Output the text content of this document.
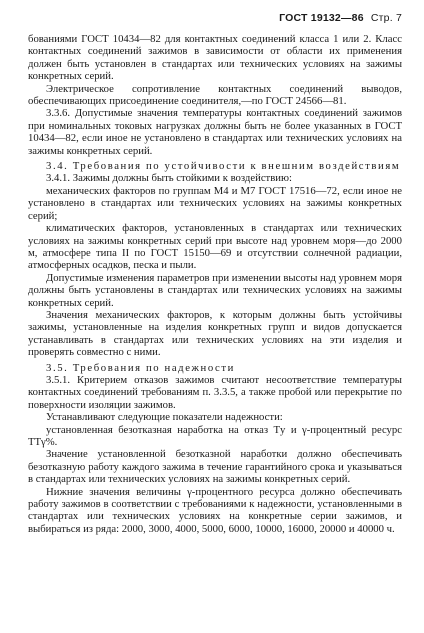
ГОСТ 19132—86 Стр. 7

бованиями ГОСТ 10434—82 для контактных соединений класса 1 или 2. Класс контактных соединений зажимов в зависимости от области их применения должен быть установлен в стандартах или технических условиях на зажимы конкретных серий.

Электрическое сопротивление контактных соединений выводов, обеспечивающих присоединение соединителя,—по ГОСТ 24566—81.

3.3.6. Допустимые значения температуры контактных соединений зажимов при номинальных токовых нагрузках должны быть не более указанных в ГОСТ 10434—82, если иное не установлено в стандартах или технических условиях на зажимы конкретных серий.

3.4. Требования по устойчивости к внешним воздействиям

3.4.1. Зажимы должны быть стойкими к воздействию:

механических факторов по группам М4 и М7 ГОСТ 17516—72, если иное не установлено в стандартах или технических условиях на зажимы конкретных серий;

климатических факторов, установленных в стандартах или технических условиях на зажимы конкретных серий при высоте над уровнем моря—до 2000 м, атмосфере типа II по ГОСТ 15150—69 и отсутствии солнечной радиации, атмосферных осадков, песка и пыли.

Допустимые изменения параметров при изменении высоты над уровнем моря должны быть установлены в стандартах или технических условиях на зажимы конкретных серий.

Значения механических факторов, к которым должны быть устойчивы зажимы, установленные на изделия конкретных групп и видов допускается устанавливать в стандартах или технических условиях на эти изделия и проверять совместно с ними.

3.5. Требования по надежности

3.5.1. Критерием отказов зажимов считают несоответствие температуры контактных соединений требованиям п. 3.3.5, а также пробой или перекрытие по поверхности изоляции зажимов.

Устанавливают следующие показатели надежности:

установленная безотказная наработка на отказ Tу и γ-процентный ресурс TТγ%.

Значение установленной безотказной наработки должно обеспечивать безотказную работу каждого зажима в течение гарантийного срока и указываться в стандартах или технических условиях на зажимы конкретных серий.

Нижние значения величины γ-процентного ресурса должно обеспечивать работу зажимов в соответствии с требованиями к надежности, установленными в стандартах или технических условиях на конкретные серии зажимов, и выбираться из ряда: 2000, 3000, 4000, 5000, 6000, 10000, 16000, 20000 и 40000 ч.
